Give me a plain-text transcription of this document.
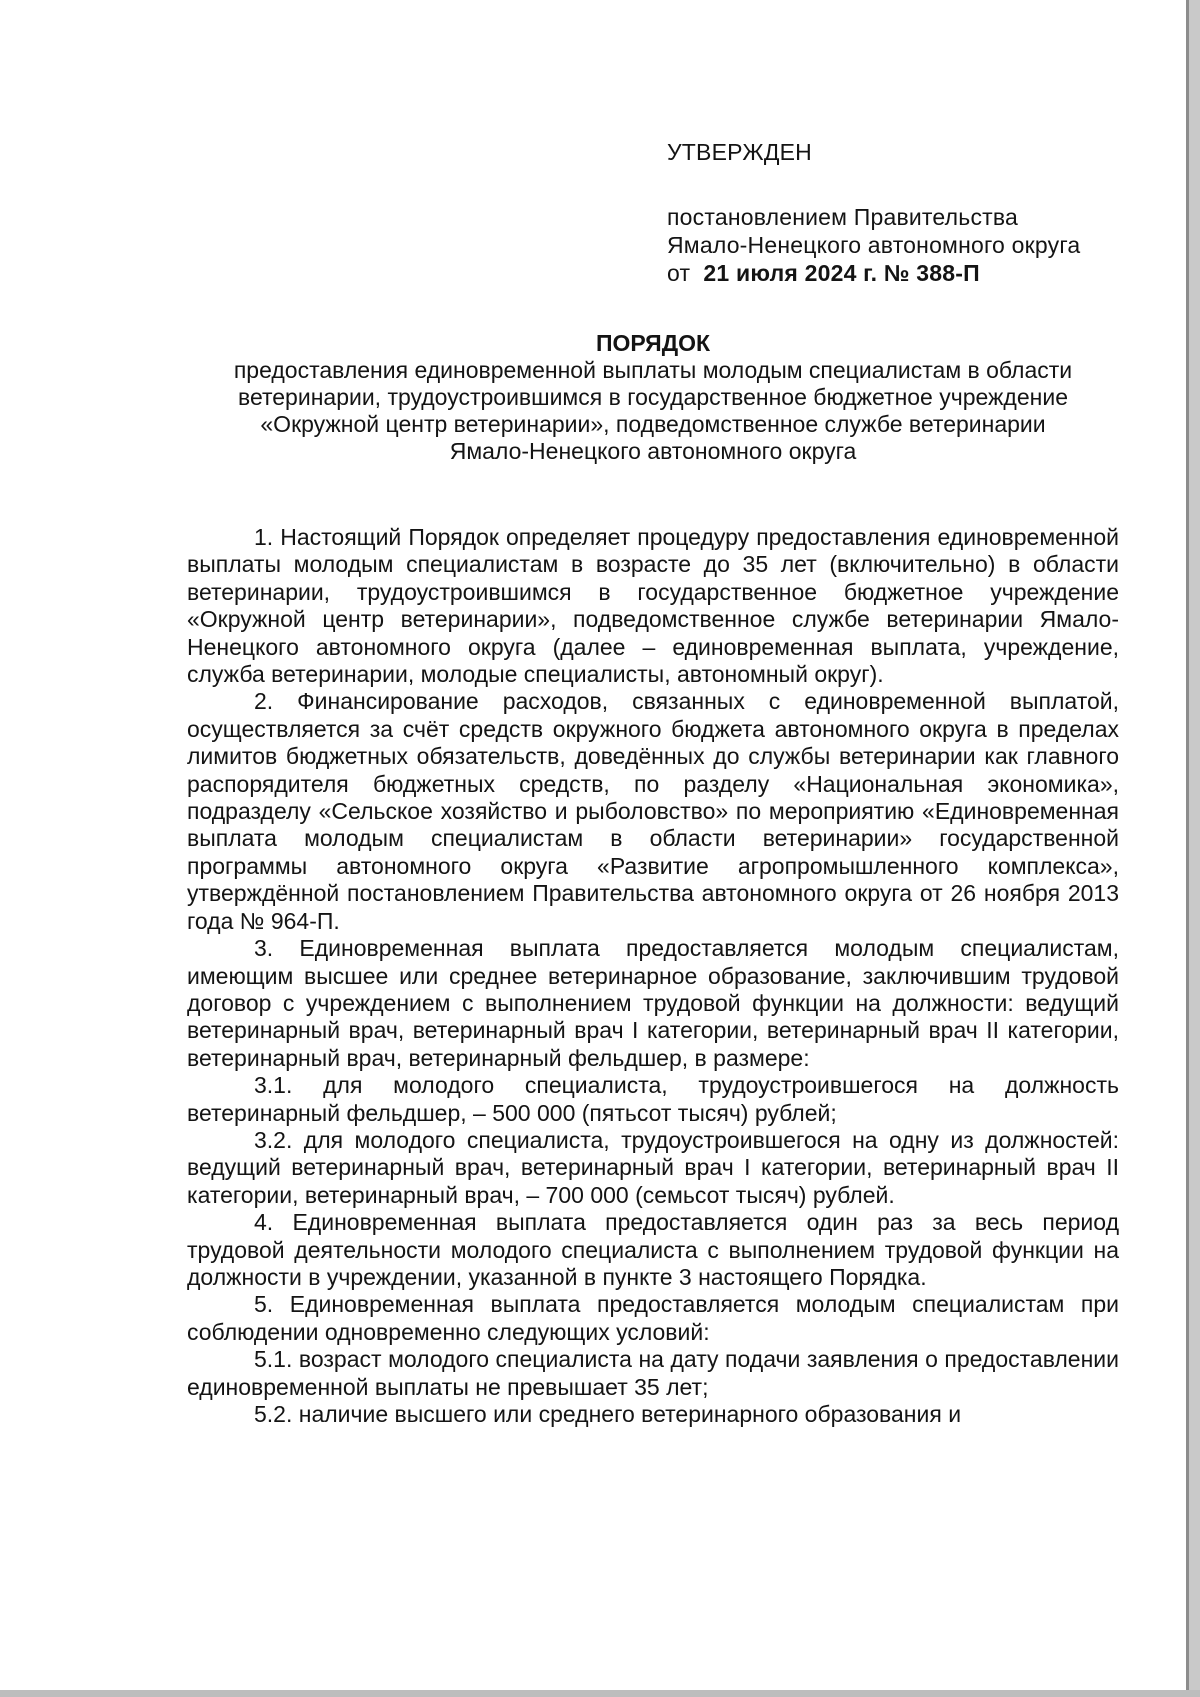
УТВЕРЖДЕН
постановлением Правительства
Ямало-Ненецкого автономного округа
от 21 июля 2024 г. № 388-П
ПОРЯДОК
предоставления единовременной выплаты молодым специалистам в области
ветеринарии, трудоустроившимся в государственное бюджетное учреждение
«Окружной центр ветеринарии», подведомственное службе ветеринарии
Ямало-Ненецкого автономного округа

1. Настоящий Порядок определяет процедуру предоставления единовременной выплаты молодым специалистам в возрасте до 35 лет (включительно) в области ветеринарии, трудоустроившимся в государственное бюджетное учреждение «Окружной центр ветеринарии», подведомственное службе ветеринарии Ямало-Ненецкого автономного округа (далее – единовременная выплата, учреждение, служба ветеринарии, молодые специалисты, автономный округ).

2. Финансирование расходов, связанных с единовременной выплатой, осуществляется за счёт средств окружного бюджета автономного округа в пределах лимитов бюджетных обязательств, доведённых до службы ветеринарии как главного распорядителя бюджетных средств, по разделу «Национальная экономика», подразделу «Сельское хозяйство и рыболовство» по мероприятию «Единовременная выплата молодым специалистам в области ветеринарии» государственной программы автономного округа «Развитие агропромышленного комплекса», утверждённой постановлением Правительства автономного округа от 26 ноября 2013 года № 964-П.

3. Единовременная выплата предоставляется молодым специалистам, имеющим высшее или среднее ветеринарное образование, заключившим трудовой договор с учреждением с выполнением трудовой функции на должности: ведущий ветеринарный врач, ветеринарный врач I категории, ветеринарный врач II категории, ветеринарный врач, ветеринарный фельдшер, в размере:

3.1. для молодого специалиста, трудоустроившегося на должность ветеринарный фельдшер, – 500 000 (пятьсот тысяч) рублей;

3.2. для молодого специалиста, трудоустроившегося на одну из должностей: ведущий ветеринарный врач, ветеринарный врач I категории, ветеринарный врач II категории, ветеринарный врач, – 700 000 (семьсот тысяч) рублей.

4. Единовременная выплата предоставляется один раз за весь период трудовой деятельности молодого специалиста с выполнением трудовой функции на должности в учреждении, указанной в пункте 3 настоящего Порядка.

5. Единовременная выплата предоставляется молодым специалистам при соблюдении одновременно следующих условий:

5.1. возраст молодого специалиста на дату подачи заявления о предоставлении единовременной выплаты не превышает 35 лет;

5.2. наличие высшего или среднего ветеринарного образования и
